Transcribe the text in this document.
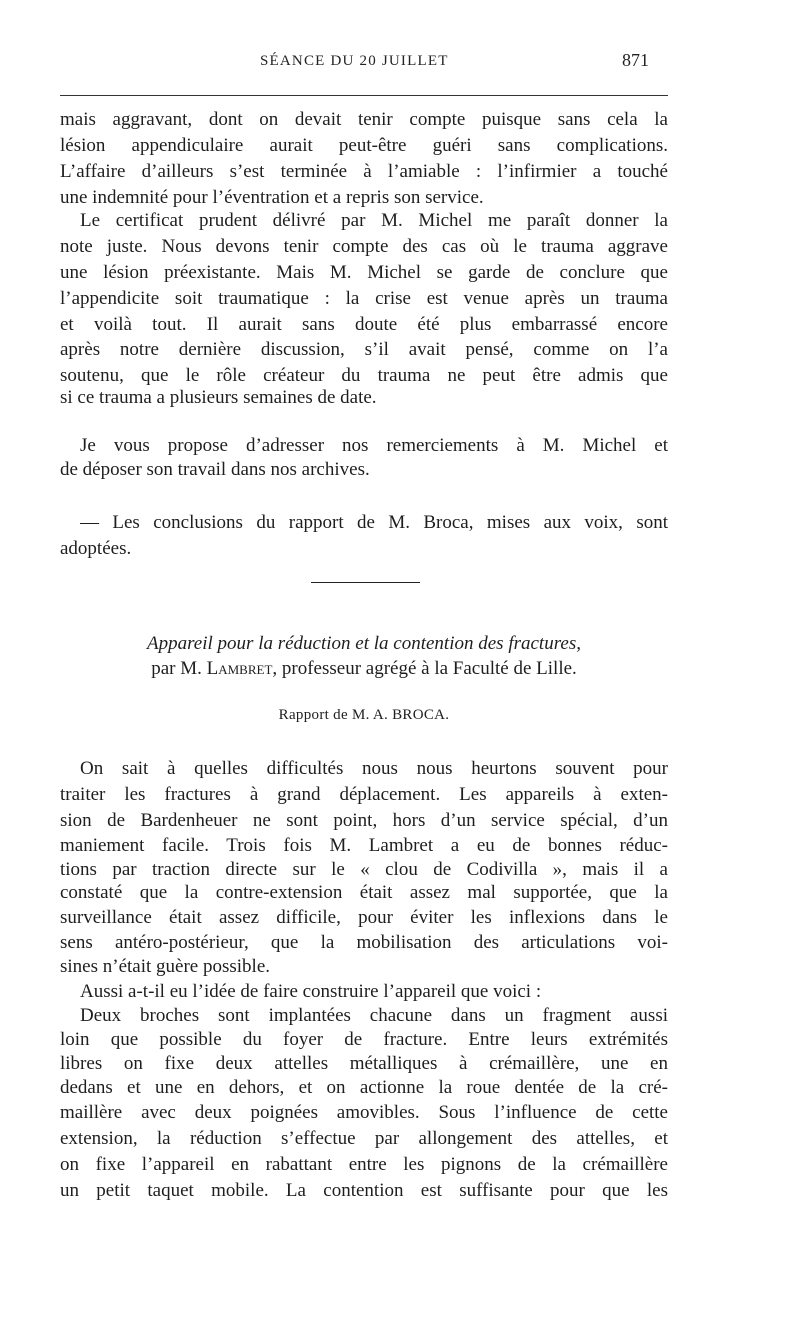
SÉANCE DU 20 JUILLET	871
mais aggravant, dont on devait tenir compte puisque sans cela la
lésion appendiculaire aurait peut-être guéri sans complications.
L’affaire d’ailleurs s’est terminée à l’amiable : l’infirmier a touché
une indemnité pour l’éventration et a repris son service.
Le certificat prudent délivré par M. Michel me paraît donner la
note juste. Nous devons tenir compte des cas où le trauma aggrave
une lésion préexistante. Mais M. Michel se garde de conclure que
l’appendicite soit traumatique : la crise est venue après un trauma
et voilà tout. Il aurait sans doute été plus embarrassé encore
après notre dernière discussion, s’il avait pensé, comme on l’a
soutenu, que le rôle créateur du trauma ne peut être admis que
si ce trauma a plusieurs semaines de date.
Je vous propose d’adresser nos remerciements à M. Michel et
de déposer son travail dans nos archives.
— Les conclusions du rapport de M. Broca, mises aux voix, sont
adoptées.
Appareil pour la réduction et la contention des fractures,
par M. Lambret, professeur agrégé à la Faculté de Lille.
Rapport de M. A. BROCA.
On sait à quelles difficultés nous nous heurtons souvent pour
traiter les fractures à grand déplacement. Les appareils à exten-
sion de Bardenheuer ne sont point, hors d’un service spécial, d’un
maniement facile. Trois fois M. Lambret a eu de bonnes réduc-
tions par traction directe sur le « clou de Codivilla », mais il a
constaté que la contre-extension était assez mal supportée, que la
surveillance était assez difficile, pour éviter les inflexions dans le
sens antéro-postérieur, que la mobilisation des articulations voi-
sines n’était guère possible.
Aussi a-t-il eu l’idée de faire construire l’appareil que voici :
Deux broches sont implantées chacune dans un fragment aussi
loin que possible du foyer de fracture. Entre leurs extrémités
libres on fixe deux attelles métalliques à crémaillère, une en
dedans et une en dehors, et on actionne la roue dentée de la cré-
maillère avec deux poignées amovibles. Sous l’influence de cette
extension, la réduction s’effectue par allongement des attelles, et
on fixe l’appareil en rabattant entre les pignons de la crémaillère
un petit taquet mobile. La contention est suffisante pour que les
